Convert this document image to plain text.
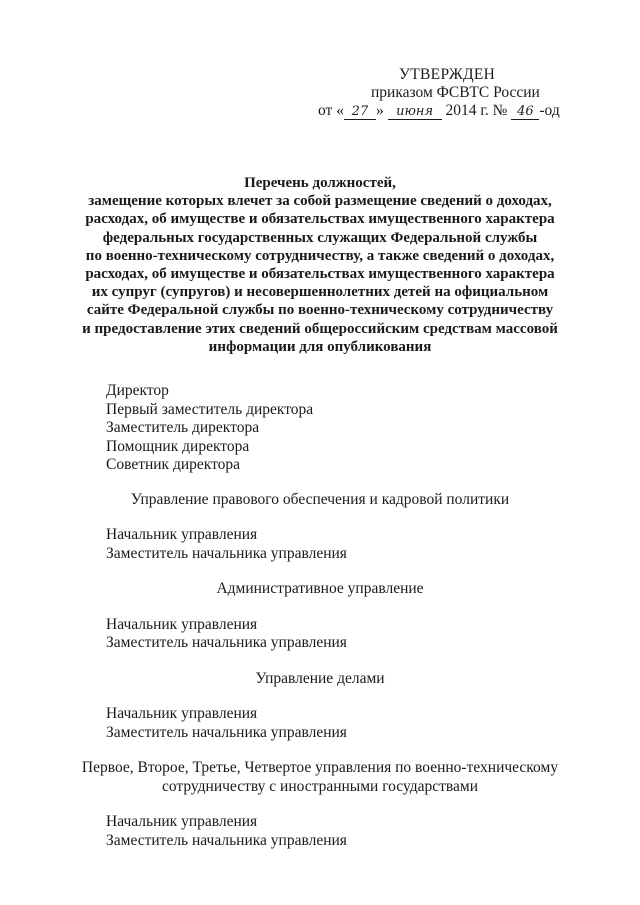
УТВЕРЖДЕН
приказом ФСВТС России
от « 27 » июня 2014 г. № 46 -од
Перечень должностей,
замещение которых влечет за собой размещение сведений о доходах,
расходах, об имуществе и обязательствах имущественного характера
федеральных государственных служащих Федеральной службы
по военно-техническому сотрудничеству, а также сведений о доходах,
расходах, об имуществе и обязательствах имущественного характера
их супруг (супругов) и несовершеннолетних детей на официальном
сайте Федеральной службы по военно-техническому сотрудничеству
и предоставление этих сведений общероссийским средствам массовой
информации для опубликования
Директор
Первый заместитель директора
Заместитель директора
Помощник директора
Советник директора
Управление правового обеспечения и кадровой политики
Начальник управления
Заместитель начальника управления
Административное управление
Начальник управления
Заместитель начальника управления
Управление делами
Начальник управления
Заместитель начальника управления
Первое, Второе, Третье, Четвертое управления по военно-техническому
сотрудничеству с иностранными государствами
Начальник управления
Заместитель начальника управления
